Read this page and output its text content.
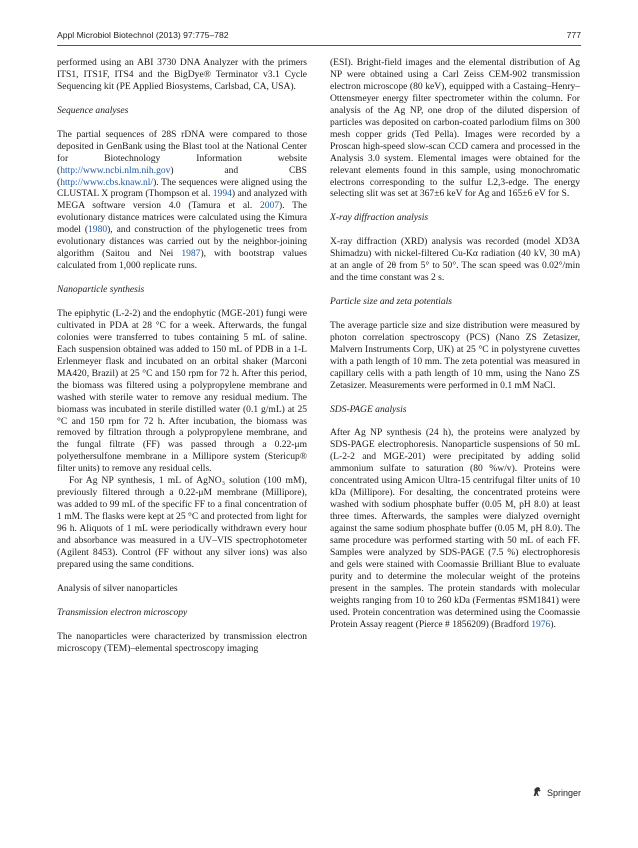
Appl Microbiol Biotechnol (2013) 97:775–782	777

performed using an ABI 3730 DNA Analyzer with the primers ITS1, ITS1F, ITS4 and the BigDye® Terminator v3.1 Cycle Sequencing kit (PE Applied Biosystems, Carlsbad, CA, USA).

Sequence analyses

The partial sequences of 28S rDNA were compared to those deposited in GenBank using the Blast tool at the National Center for Biotechnology Information website (http://www.ncbi.nlm.nih.gov) and CBS (http://www.cbs.knaw.nl/). The sequences were aligned using the CLUSTAL X program (Thompson et al. 1994) and analyzed with MEGA software version 4.0 (Tamura et al. 2007). The evolutionary distance matrices were calculated using the Kimura model (1980), and construction of the phylogenetic trees from evolutionary distances was carried out by the neighbor-joining algorithm (Saitou and Nei 1987), with bootstrap values calculated from 1,000 replicate runs.

Nanoparticle synthesis

The epiphytic (L-2-2) and the endophytic (MGE-201) fungi were cultivated in PDA at 28 °C for a week. Afterwards, the fungal colonies were transferred to tubes containing 5 mL of saline. Each suspension obtained was added to 150 mL of PDB in a 1-L Erlenmeyer flask and incubated on an orbital shaker (Marconi MA420, Brazil) at 25 °C and 150 rpm for 72 h. After this period, the biomass was filtered using a polypropylene membrane and washed with sterile water to remove any residual medium. The biomass was incubated in sterile distilled water (0.1 g/mL) at 25 °C and 150 rpm for 72 h. After incubation, the biomass was removed by filtration through a polypropylene membrane, and the fungal filtrate (FF) was passed through a 0.22-μm polyethersulfone membrane in a Millipore system (Stericup® filter units) to remove any residual cells.

For Ag NP synthesis, 1 mL of AgNO₃ solution (100 mM), previously filtered through a 0.22-μM membrane (Millipore), was added to 99 mL of the specific FF to a final concentration of 1 mM. The flasks were kept at 25 °C and protected from light for 96 h. Aliquots of 1 mL were periodically withdrawn every hour and absorbance was measured in a UV–VIS spectrophotometer (Agilent 8453). Control (FF without any silver ions) was also prepared using the same conditions.

Analysis of silver nanoparticles

Transmission electron microscopy

The nanoparticles were characterized by transmission electron microscopy (TEM)–elemental spectroscopy imaging

(ESI). Bright-field images and the elemental distribution of Ag NP were obtained using a Carl Zeiss CEM-902 transmission electron microscope (80 keV), equipped with a Castaing–Henry–Ottensmeyer energy filter spectrometer within the column. For analysis of the Ag NP, one drop of the diluted dispersion of particles was deposited on carbon-coated parlodium films on 300 mesh copper grids (Ted Pella). Images were recorded by a Proscan high-speed slow-scan CCD camera and processed in the Analysis 3.0 system. Elemental images were obtained for the relevant elements found in this sample, using monochromatic electrons corresponding to the sulfur L2,3-edge. The energy selecting slit was set at 367±6 keV for Ag and 165±6 eV for S.

X-ray diffraction analysis

X-ray diffraction (XRD) analysis was recorded (model XD3A Shimadzu) with nickel-filtered Cu-Kα radiation (40 kV, 30 mA) at an angle of 2θ from 5° to 50°. The scan speed was 0.02°/min and the time constant was 2 s.

Particle size and zeta potentials

The average particle size and size distribution were measured by photon correlation spectroscopy (PCS) (Nano ZS Zetasizer, Malvern Instruments Corp, UK) at 25 °C in polystyrene cuvettes with a path length of 10 mm. The zeta potential was measured in capillary cells with a path length of 10 mm, using the Nano ZS Zetasizer. Measurements were performed in 0.1 mM NaCl.

SDS-PAGE analysis

After Ag NP synthesis (24 h), the proteins were analyzed by SDS-PAGE electrophoresis. Nanoparticle suspensions of 50 mL (L-2-2 and MGE-201) were precipitated by adding solid ammonium sulfate to saturation (80 %w/v). Proteins were concentrated using Amicon Ultra-15 centrifugal filter units of 10 kDa (Millipore). For desalting, the concentrated proteins were washed with sodium phosphate buffer (0.05 M, pH 8.0) at least three times. Afterwards, the samples were dialyzed overnight against the same sodium phosphate buffer (0.05 M, pH 8.0). The same procedure was performed starting with 50 mL of each FF. Samples were analyzed by SDS-PAGE (7.5 %) electrophoresis and gels were stained with Coomassie Brilliant Blue to evaluate purity and to determine the molecular weight of the proteins present in the samples. The protein standards with molecular weights ranging from 10 to 260 kDa (Fermentas #SM1841) were used. Protein concentration was determined using the Coomassie Protein Assay reagent (Pierce # 1856209) (Bradford 1976).

Springer
